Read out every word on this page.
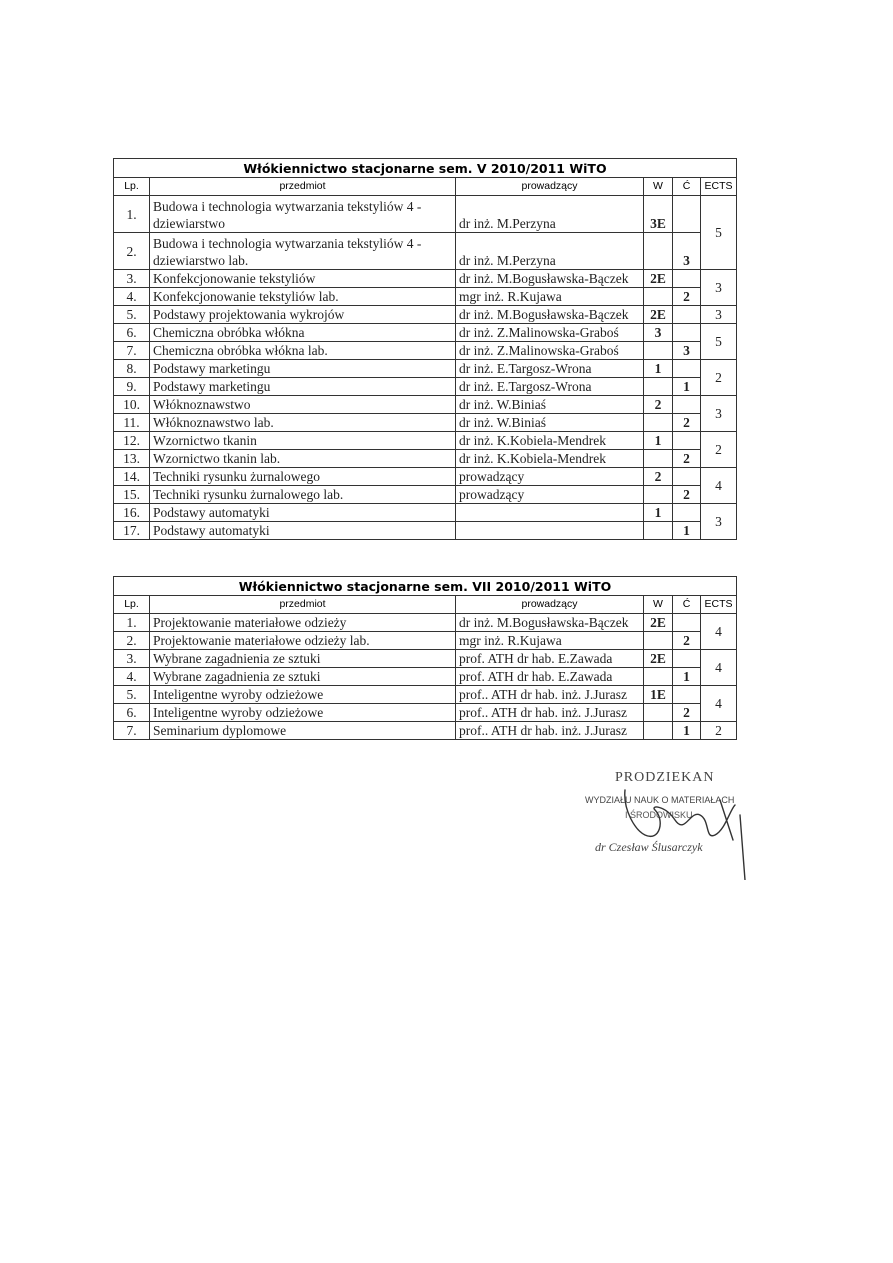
Włókiennictwo stacjonarne sem. V 2010/2011 WiTO					
Lp.	przedmiot	prowadzący	W	Ć	ECTS
1.	Budowa i technologia wytwarzania tekstyliów 4 - dziewiarstwo	dr inż. M.Perzyna	3E		5
2.	Budowa i technologia wytwarzania tekstyliów 4 - dziewiarstwo lab.	dr inż. M.Perzyna		3	
3.	Konfekcjonowanie tekstyliów	dr inż. M.Bogusławska-Bączek	2E		3
4.	Konfekcjonowanie tekstyliów lab.	mgr inż. R.Kujawa		2	
5.	Podstawy projektowania wykrojów	dr inż. M.Bogusławska-Bączek	2E		3
6.	Chemiczna obróbka włókna	dr inż. Z.Malinowska-Graboś	3		5
7.	Chemiczna obróbka włókna lab.	dr inż. Z.Malinowska-Graboś		3	
8.	Podstawy marketingu	dr inż. E.Targosz-Wrona	1		2
9.	Podstawy marketingu	dr inż. E.Targosz-Wrona		1	
10.	Włóknoznawstwo	dr inż. W.Biniaś	2		3
11.	Włóknoznawstwo lab.	dr inż. W.Biniaś		2	
12.	Wzornictwo tkanin	dr inż. K.Kobiela-Mendrek	1		2
13.	Wzornictwo tkanin lab.	dr inż. K.Kobiela-Mendrek		2	
14.	Techniki rysunku żurnalowego	prowadzący	2		4
15.	Techniki rysunku żurnalowego lab.	prowadzący		2	
16.	Podstawy automatyki		1		3
17.	Podstawy automatyki			1	
Włókiennictwo stacjonarne sem. VII 2010/2011 WiTO					
Lp.	przedmiot	prowadzący	W	Ć	ECTS
1.	Projektowanie materiałowe odzieży	dr inż. M.Bogusławska-Bączek	2E		4
2.	Projektowanie materiałowe odzieży lab.	mgr inż. R.Kujawa		2	
3.	Wybrane zagadnienia ze sztuki	prof. ATH dr hab. E.Zawada	2E		4
4.	Wybrane zagadnienia ze sztuki	prof. ATH dr hab. E.Zawada		1	
5.	Inteligentne wyroby odzieżowe	prof.. ATH dr hab. inż. J.Jurasz	1E		4
6.	Inteligentne wyroby odzieżowe	prof.. ATH dr hab. inż. J.Jurasz		2	
7.	Seminarium dyplomowe	prof.. ATH dr hab. inż. J.Jurasz		1	2
PRODZIEKAN
WYDZIAŁU NAUK O MATERIAŁACH
I ŚRODOWISKU
dr Czesław Ślusarczyk
